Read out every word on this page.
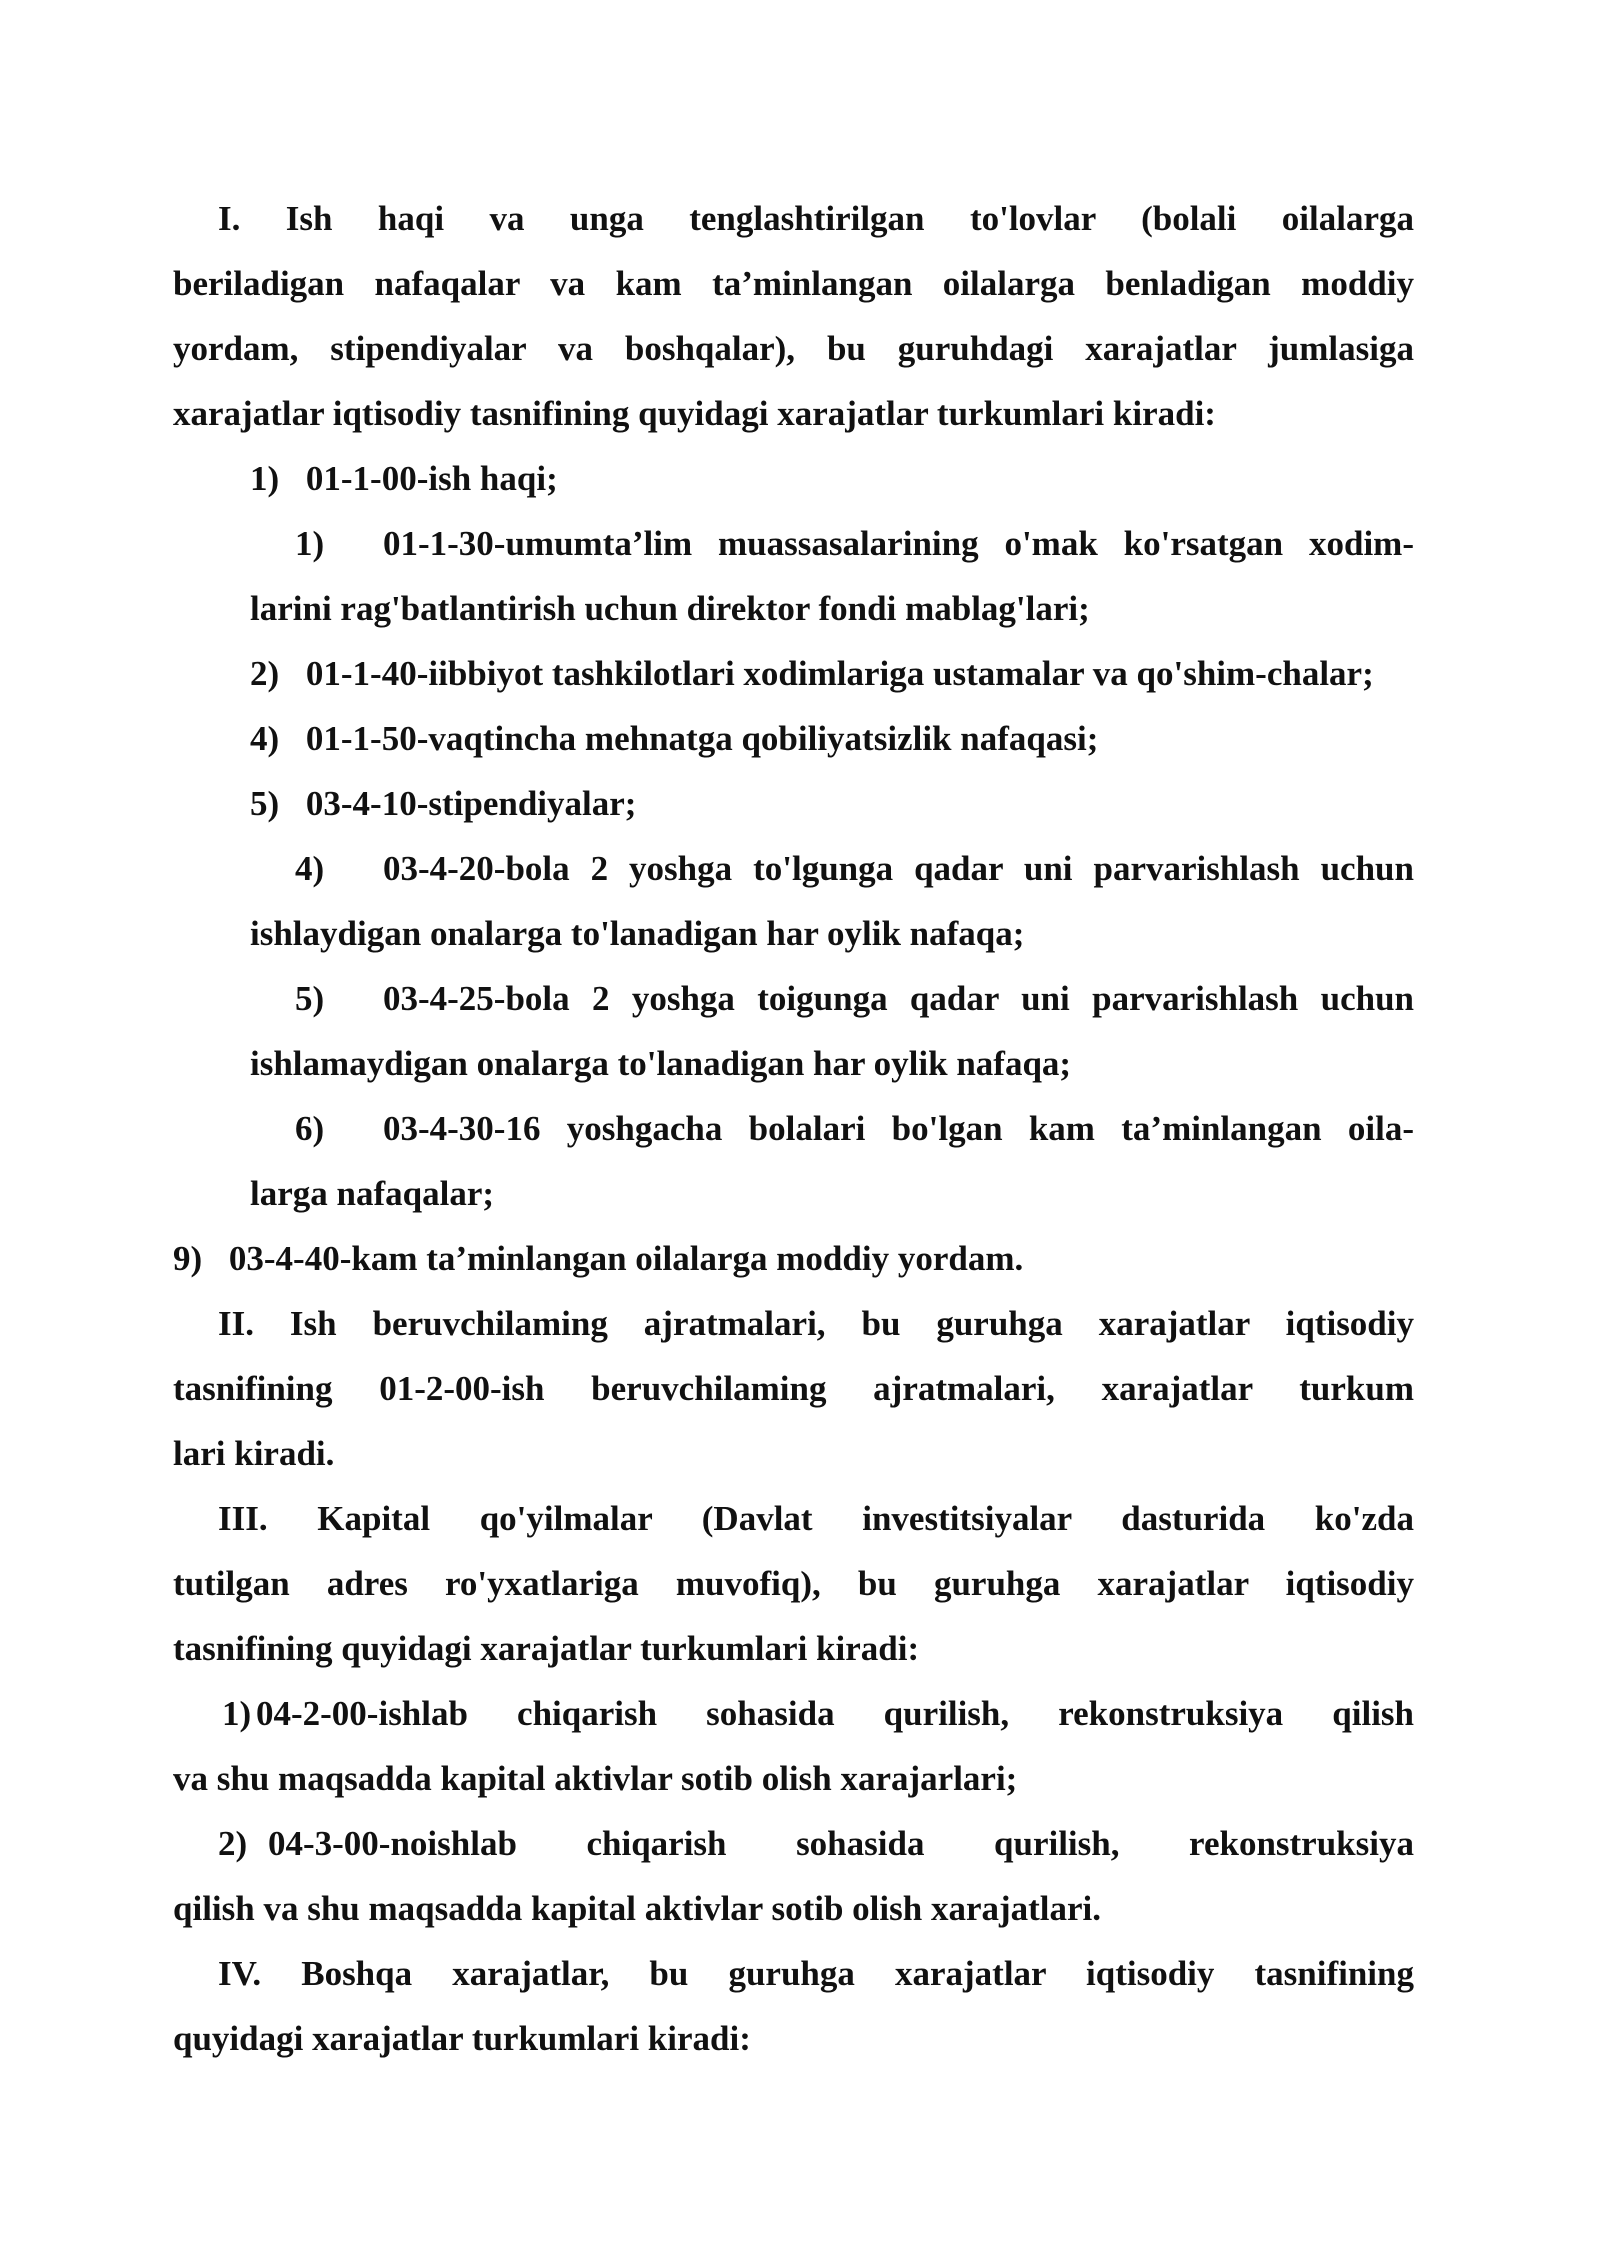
I. Ish haqi va unga tenglashtirilgan to'lovlar (bolali oilalarga
beriladigan nafaqalar va kam ta’minlangan oilalarga benladigan moddiy
yordam, stipendiyalar va boshqalar), bu guruhdagi xarajatlar jumlasiga
xarajatlar iqtisodiy tasnifining quyidagi xarajatlar turkumlari kiradi:
1) 01-1-00-ish haqi;
1)	01-1-30-umumta’lim muassasalarining o'mak ko'rsatgan xodim-
larini rag'batlantirish uchun direktor fondi mablag'lari;
2) 01-1-40-iibbiyot tashkilotlari xodimlariga ustamalar va qo'shim-chalar;
4) 01-1-50-vaqtincha mehnatga qobiliyatsizlik nafaqasi;
5) 03-4-10-stipendiyalar;
4)	03-4-20-bola 2 yoshga to'lgunga qadar uni parvarishlash uchun
ishlaydigan onalarga to'lanadigan har oylik nafaqa;
5)	03-4-25-bola 2 yoshga toigunga qadar uni parvarishlash uchun
ishlamaydigan onalarga to'lanadigan har oylik nafaqa;
6)	03-4-30-16 yoshgacha bolalari bo'lgan kam ta’minlangan oila-
larga nafaqalar;
9) 03-4-40-kam ta’minlangan oilalarga moddiy yordam.
II. Ish beruvchilaming ajratmalari, bu guruhga xarajatlar iqtisodiy
tasnifining 01-2-00-ish beruvchilaming ajratmalari, xarajatlar turkum
lari kiradi.
III. Kapital qo'yilmalar (Davlat investitsiyalar dasturida ko'zda
tutilgan adres ro'yxatlariga muvofiq), bu guruhga xarajatlar iqtisodiy
tasnifining quyidagi xarajatlar turkumlari kiradi:
1) 04-2-00-ishlab chiqarish sohasida qurilish, rekonstruksiya qilish
va shu maqsadda kapital aktivlar sotib olish xarajarlari;
2) 04-3-00-noishlab chiqarish sohasida qurilish, rekonstruksiya
qilish va shu maqsadda kapital aktivlar sotib olish xarajatlari.
IV. Boshqa xarajatlar, bu guruhga xarajatlar iqtisodiy tasnifining
quyidagi xarajatlar turkumlari kiradi:
